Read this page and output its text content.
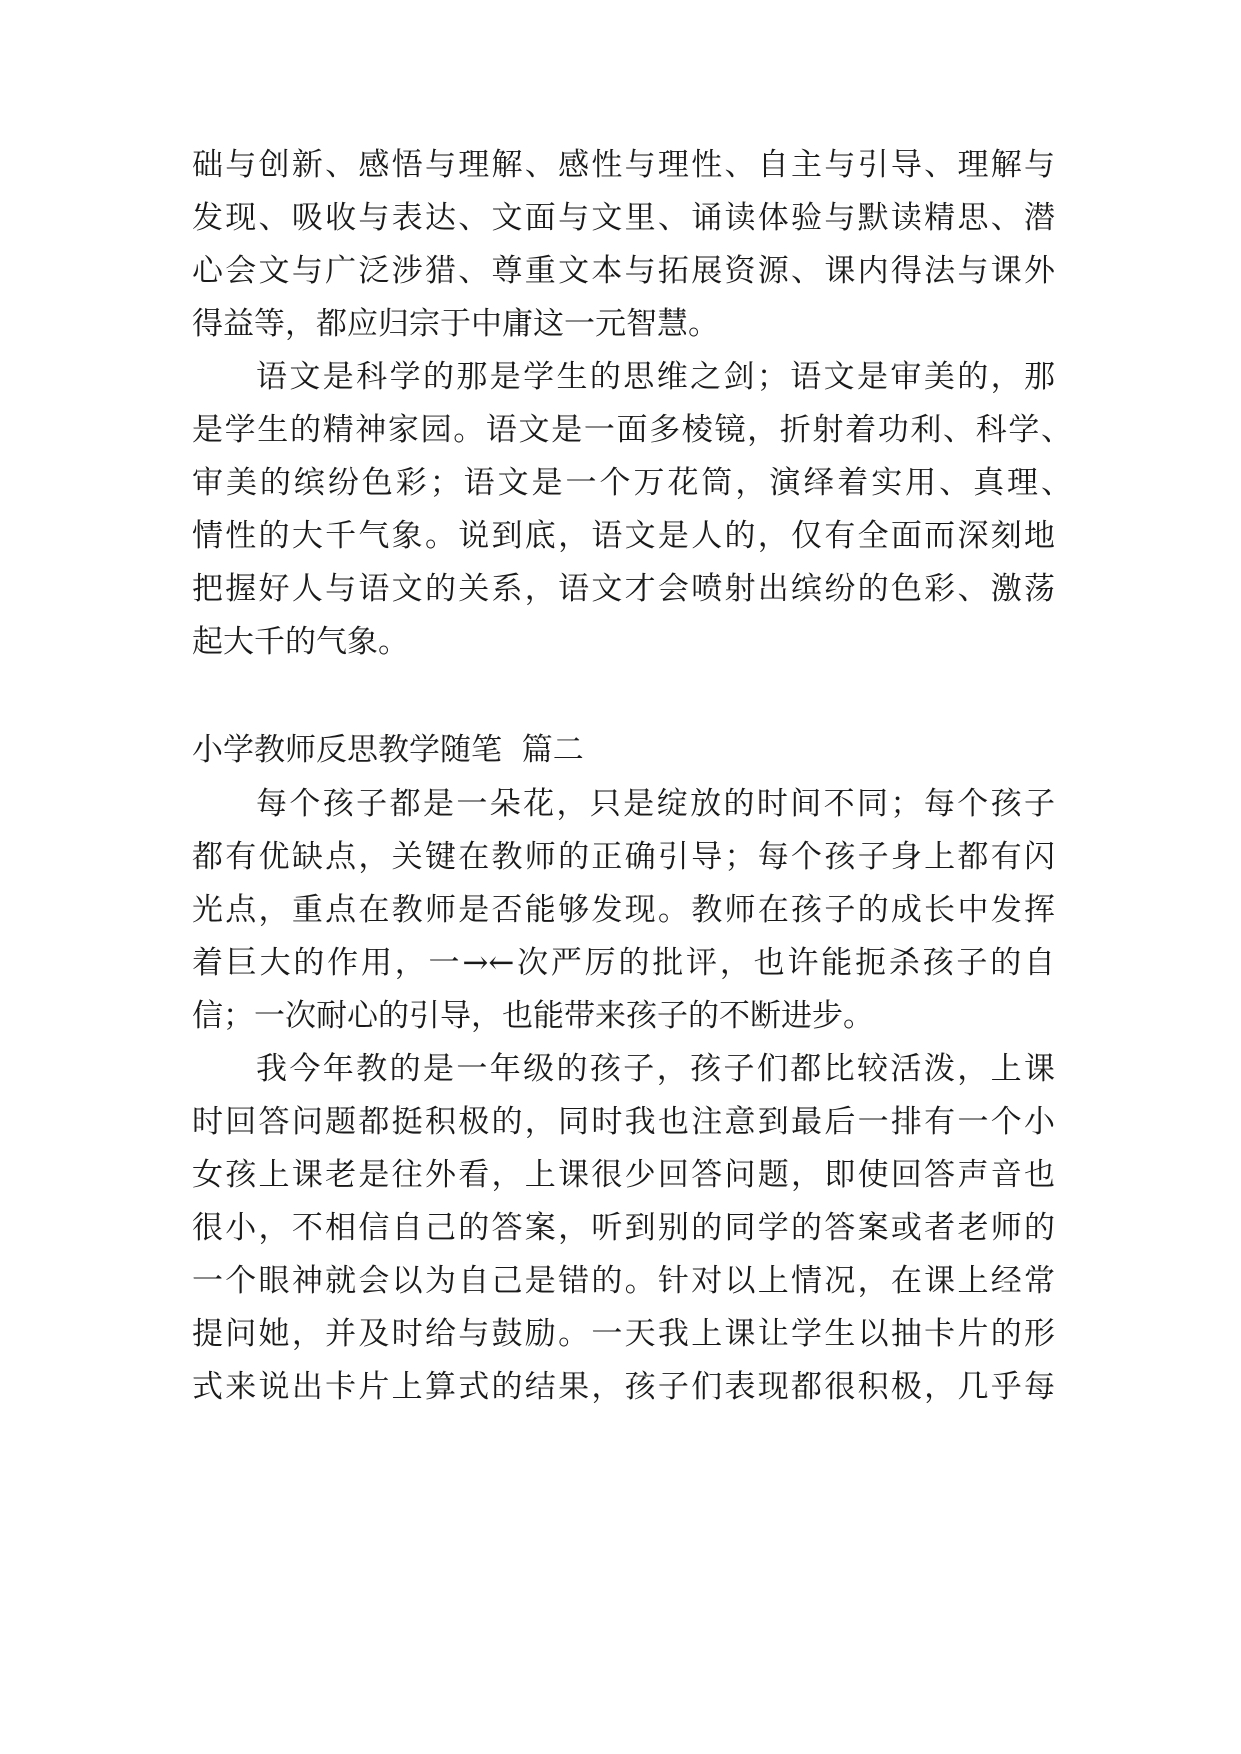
础与创新、感悟与理解、感性与理性、自主与引导、理解与
发现、吸收与表达、文面与文里、诵读体验与默读精思、潜
心会文与广泛涉猎、尊重文本与拓展资源、课内得法与课外
得益等，都应归宗于中庸这一元智慧。
语文是科学的那是学生的思维之剑；语文是审美的，那
是学生的精神家园。语文是一面多棱镜，折射着功利、科学、
审美的缤纷色彩；语文是一个万花筒，演绎着实用、真理、
情性的大千气象。说到底，语文是人的，仅有全面而深刻地
把握好人与语文的关系，语文才会喷射出缤纷的色彩、激荡
起大千的气象。
小学教师反思教学随笔  篇二
每个孩子都是一朵花，只是绽放的时间不同；每个孩子
都有优缺点，关键在教师的正确引导；每个孩子身上都有闪
光点，重点在教师是否能够发现。教师在孩子的成长中发挥
着巨大的作用，一→←次严厉的批评，也许能扼杀孩子的自
信；一次耐心的引导，也能带来孩子的不断进步。
我今年教的是一年级的孩子，孩子们都比较活泼，上课
时回答问题都挺积极的，同时我也注意到最后一排有一个小
女孩上课老是往外看，上课很少回答问题，即使回答声音也
很小，不相信自己的答案，听到别的同学的答案或者老师的
一个眼神就会以为自己是错的。针对以上情况，在课上经常
提问她，并及时给与鼓励。一天我上课让学生以抽卡片的形
式来说出卡片上算式的结果，孩子们表现都很积极，几乎每
